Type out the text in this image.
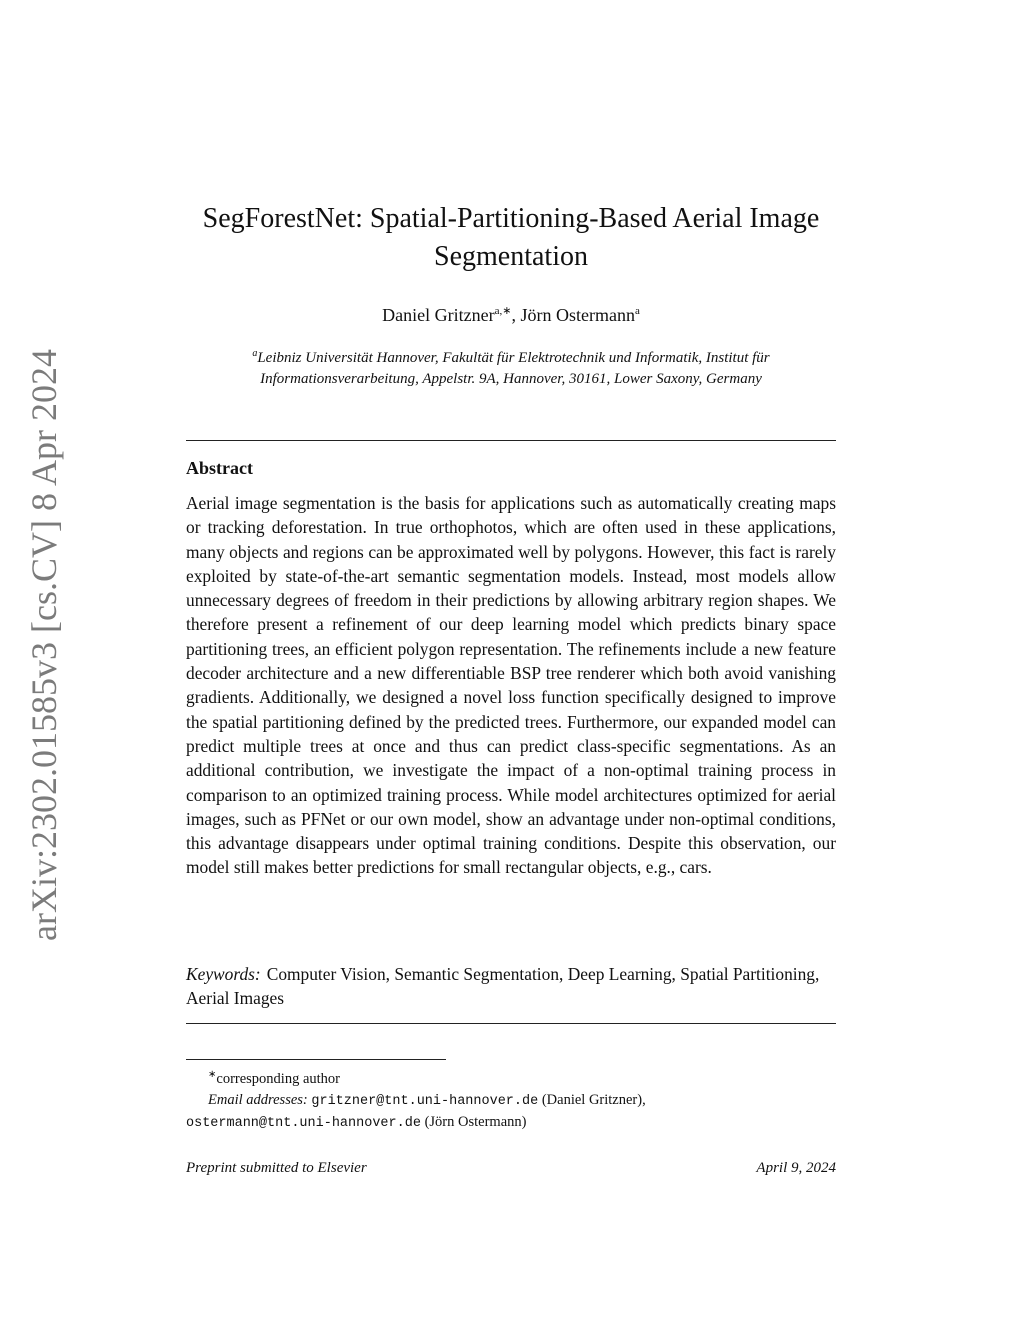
arXiv:2302.01585v3 [cs.CV] 8 Apr 2024
SegForestNet: Spatial-Partitioning-Based Aerial Image
Segmentation
Daniel Gritzner$^{a,∗}$, Jörn Ostermann$^a$
$^a$Leibniz Universität Hannover, Fakultät für Elektrotechnik und Informatik, Institut für
Informationsverarbeitung, Appelstr. 9A, Hannover, 30161, Lower Saxony, Germany
Abstract
Aerial image segmentation is the basis for applications such as automatically creating maps or tracking deforestation. In true orthophotos, which are often used in these applications, many objects and regions can be approximated well by polygons. However, this fact is rarely exploited by state-of-the-art semantic segmentation models. Instead, most models allow unnecessary degrees of freedom in their predictions by allowing arbitrary region shapes. We therefore present a refinement of our deep learning model which predicts binary space partitioning trees, an efficient polygon representation. The refinements include a new feature decoder architecture and a new differentiable BSP tree renderer which both avoid vanishing gradients. Additionally, we designed a novel loss function specifically designed to improve the spatial partitioning defined by the predicted trees. Furthermore, our expanded model can predict multiple trees at once and thus can predict class-specific segmentations. As an additional contribution, we investigate the impact of a non-optimal training process in comparison to an optimized training process. While model architectures optimized for aerial images, such as PFNet or our own model, show an advantage under non-optimal conditions, this advantage disappears under optimal training conditions. Despite this observation, our model still makes better predictions for small rectangular objects, e.g., cars.
Keywords: Computer Vision, Semantic Segmentation, Deep Learning, Spatial Partitioning, Aerial Images
∗corresponding author
Email addresses: gritzner@tnt.uni-hannover.de (Daniel Gritzner),
ostermann@tnt.uni-hannover.de (Jörn Ostermann)
Preprint submitted to Elsevier	April 9, 2024
